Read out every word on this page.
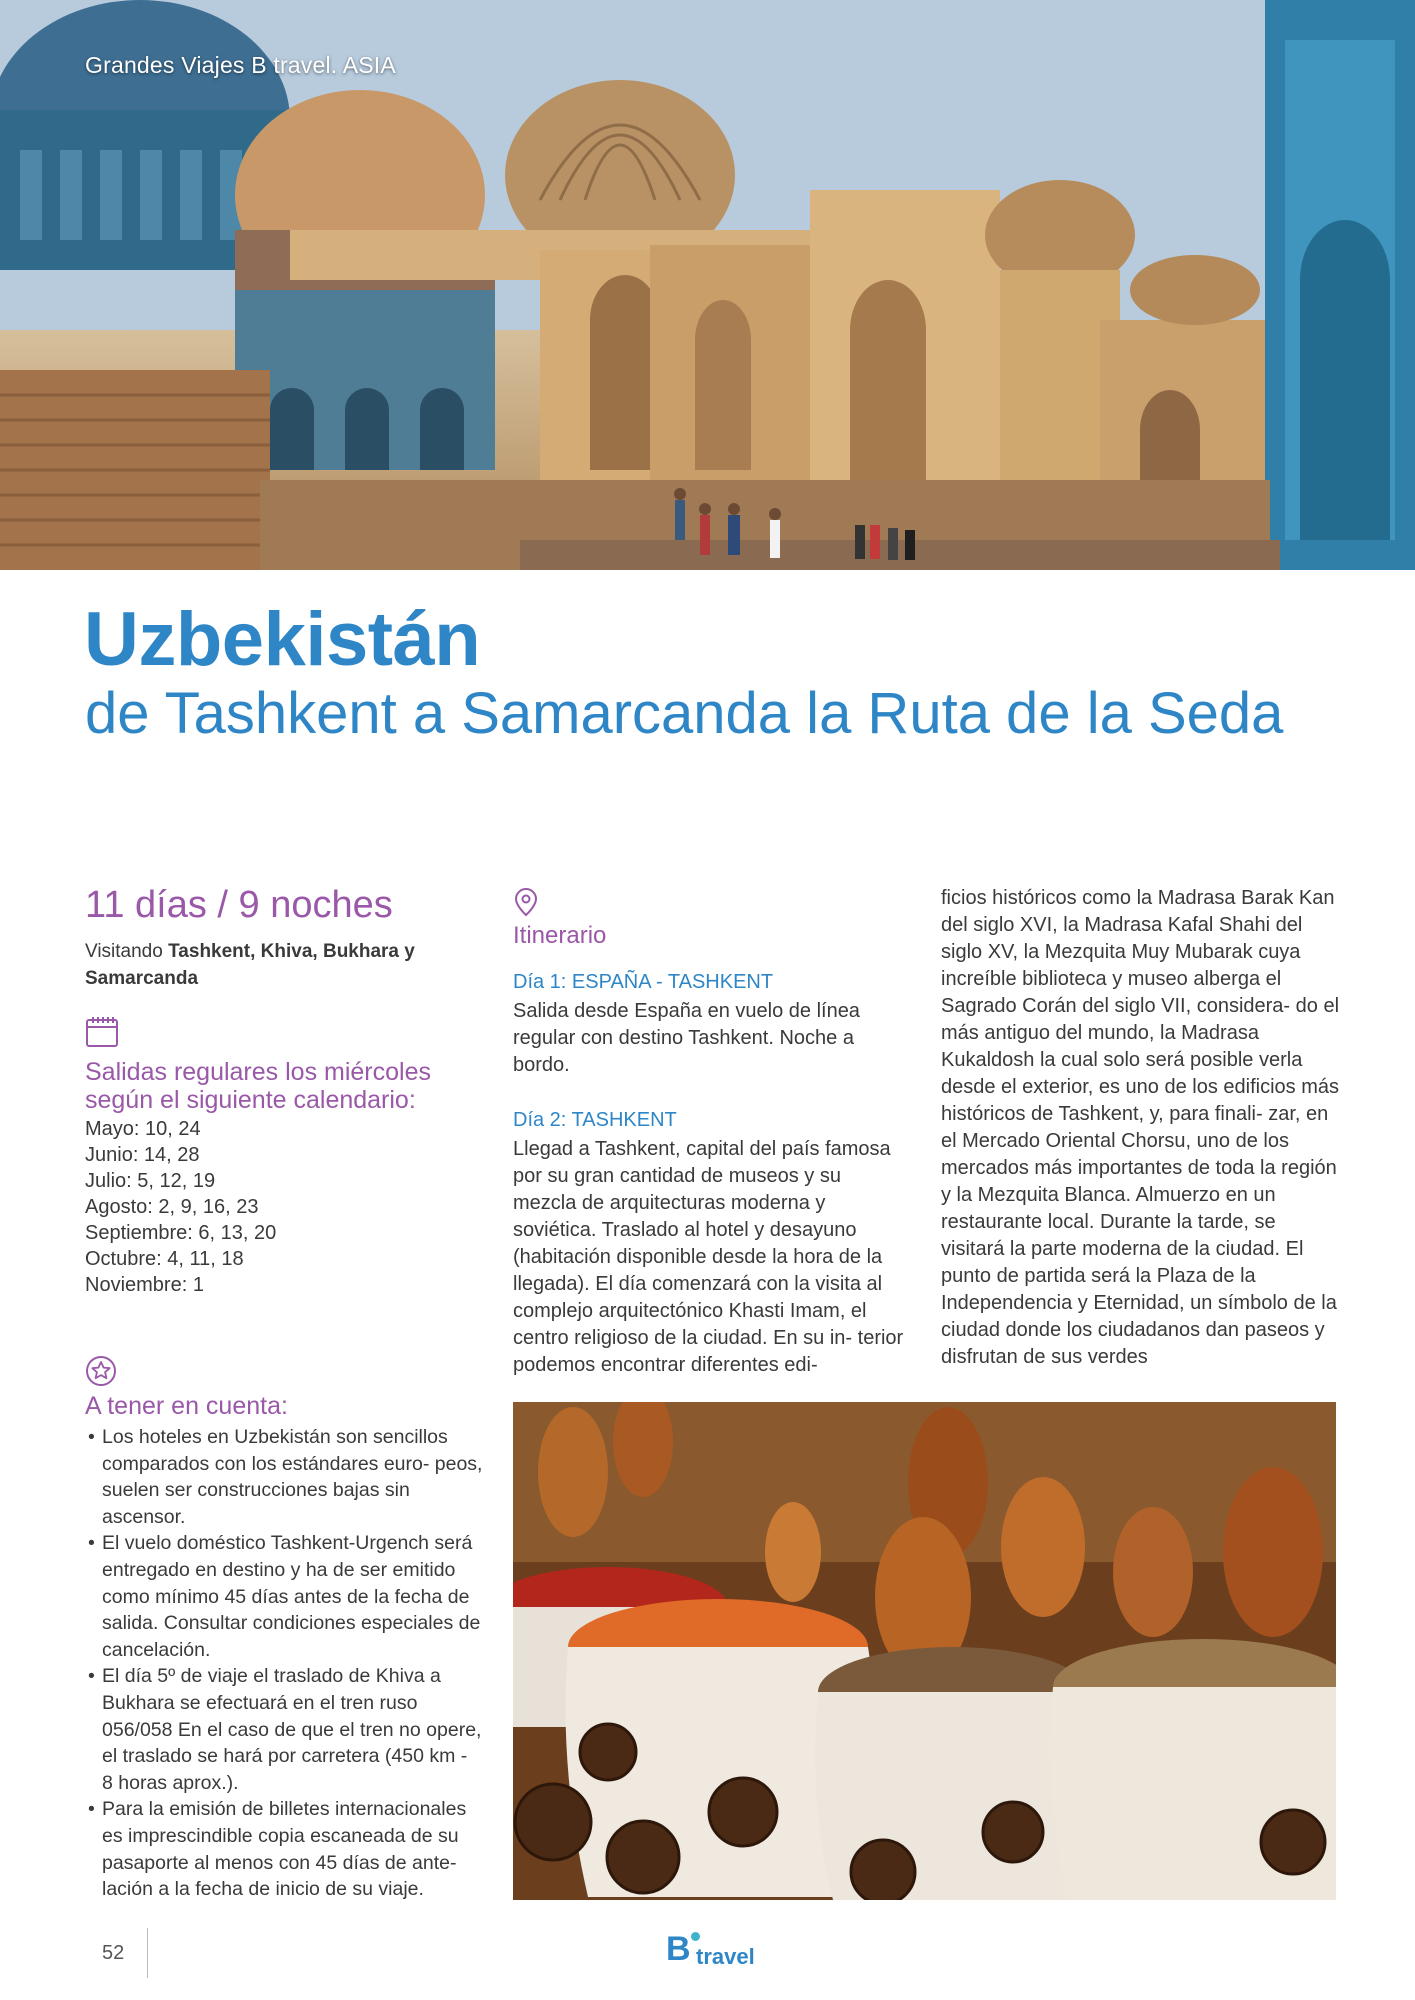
Grandes Viajes B travel. ASIA
Uzbekistán
de Tashkent a Samarcanda la Ruta de la Seda
11 días / 9 noches
Visitando Tashkent, Khiva, Bukhara y Samarcanda
Salidas regulares los miércoles según el siguiente calendario:
Mayo: 10, 24
Junio: 14, 28
Julio: 5, 12, 19
Agosto: 2, 9, 16, 23
Septiembre: 6, 13, 20
Octubre: 4, 11, 18
Noviembre: 1
A tener en cuenta:
• Los hoteles en Uzbekistán son sencillos comparados con los estándares euro- peos, suelen ser construcciones bajas sin ascensor.
• El vuelo doméstico Tashkent-Urgench será entregado en destino y ha de ser emitido como mínimo 45 días antes de la fecha de salida. Consultar condiciones especiales de cancelación.
• El día 5º de viaje el traslado de Khiva a Bukhara se efectuará en el tren ruso 056/058 En el caso de que el tren no opere, el traslado se hará por carretera (450 km - 8 horas aprox.).
• Para la emisión de billetes internacionales es imprescindible copia escaneada de su pasaporte al menos con 45 días de ante- lación a la fecha de inicio de su viaje.
Itinerario
Día 1: ESPAÑA - TASHKENT

Salida desde España en vuelo de línea regular con destino Tashkent. Noche a bordo.

Día 2: TASHKENT

Llegad a Tashkent, capital del país famosa por su gran cantidad de museos y su mezcla de arquitecturas moderna y soviética. Traslado al hotel y desayuno (habitación disponible desde la hora de la llegada). El día comenzará con la visita al complejo arquitectónico Khasti Imam, el centro religioso de la ciudad. En su in- terior podemos encontrar diferentes edi-

ficios históricos como la Madrasa Barak Kan del siglo XVI, la Madrasa Kafal Shahi del siglo XV, la Mezquita Muy Mubarak cuya increíble biblioteca y museo alberga el Sagrado Corán del siglo VII, considera- do el más antiguo del mundo, la Madrasa Kukaldosh la cual solo será posible verla desde el exterior, es uno de los edificios más históricos de Tashkent, y, para finali- zar, en el Mercado Oriental Chorsu, uno de los mercados más importantes de toda la región y la Mezquita Blanca. Almuerzo en un restaurante local. Durante la tarde, se visitará la parte moderna de la ciudad. El punto de partida será la Plaza de la Independencia y Eternidad, un símbolo de la ciudad donde los ciudadanos dan paseos y disfrutan de sus verdes

52	B travel
